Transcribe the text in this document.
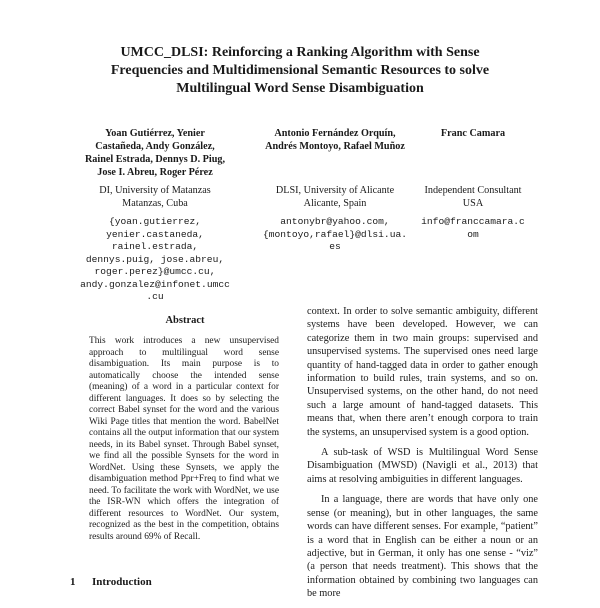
UMCC_DLSI: Reinforcing a Ranking Algorithm with Sense
Frequencies and Multidimensional Semantic Resources to solve
Multilingual Word Sense Disambiguation
Yoan Gutiérrez, Yenier
Castañeda, Andy González,
Rainel Estrada, Dennys D. Piug,
Jose I. Abreu, Roger Pérez
DI, University of Matanzas
Matanzas, Cuba
{yoan.gutierrez,
yenier.castaneda,
rainel.estrada,
dennys.puig, jose.abreu,
roger.perez}@umcc.cu,
andy.gonzalez@infonet.umcc
.cu
Antonio Fernández Orquín,
Andrés Montoyo, Rafael Muñoz
DLSI, University of Alicante
Alicante, Spain
antonybr@yahoo.com,
{montoyo,rafael}@dlsi.ua.
es
Franc Camara
Independent Consultant
USA
info@franccamara.c
om
Abstract
This work introduces a new unsupervised approach to multilingual word sense disambiguation. Its main purpose is to automatically choose the intended sense (meaning) of a word in a particular context for different languages. It does so by selecting the correct Babel synset for the word and the various Wiki Page titles that mention the word. BabelNet contains all the output information that our system needs, in its Babel synset. Through Babel synset, we find all the possible Synsets for the word in WordNet. Using these Synsets, we apply the disambiguation method Ppr+Freq to find what we need. To facilitate the work with WordNet, we use the ISR-WN which offers the integration of different resources to WordNet. Our system, recognized as the best in the competition, obtains results around 69% of Recall.
1 Introduction

context. In order to solve semantic ambiguity, different systems have been developed. However, we can categorize them in two main groups: supervised and unsupervised systems. The supervised ones need large quantity of hand-tagged data in order to gather enough information to build rules, train systems, and so on. Unsupervised systems, on the other hand, do not need such a large amount of hand-tagged datasets. This means that, when there aren’t enough corpora to train the systems, an unsupervised system is a good option.

A sub-task of WSD is Multilingual Word Sense Disambiguation (MWSD) (Navigli et al., 2013) that aims at resolving ambiguities in different languages.

In a language, there are words that have only one sense (or meaning), but in other languages, the same words can have different senses. For example, “patient” is a word that in English can be either a noun or an adjective, but in German, it only has one sense - “viz” (a person that needs treatment). This shows that the information obtained by combining two languages can be more
